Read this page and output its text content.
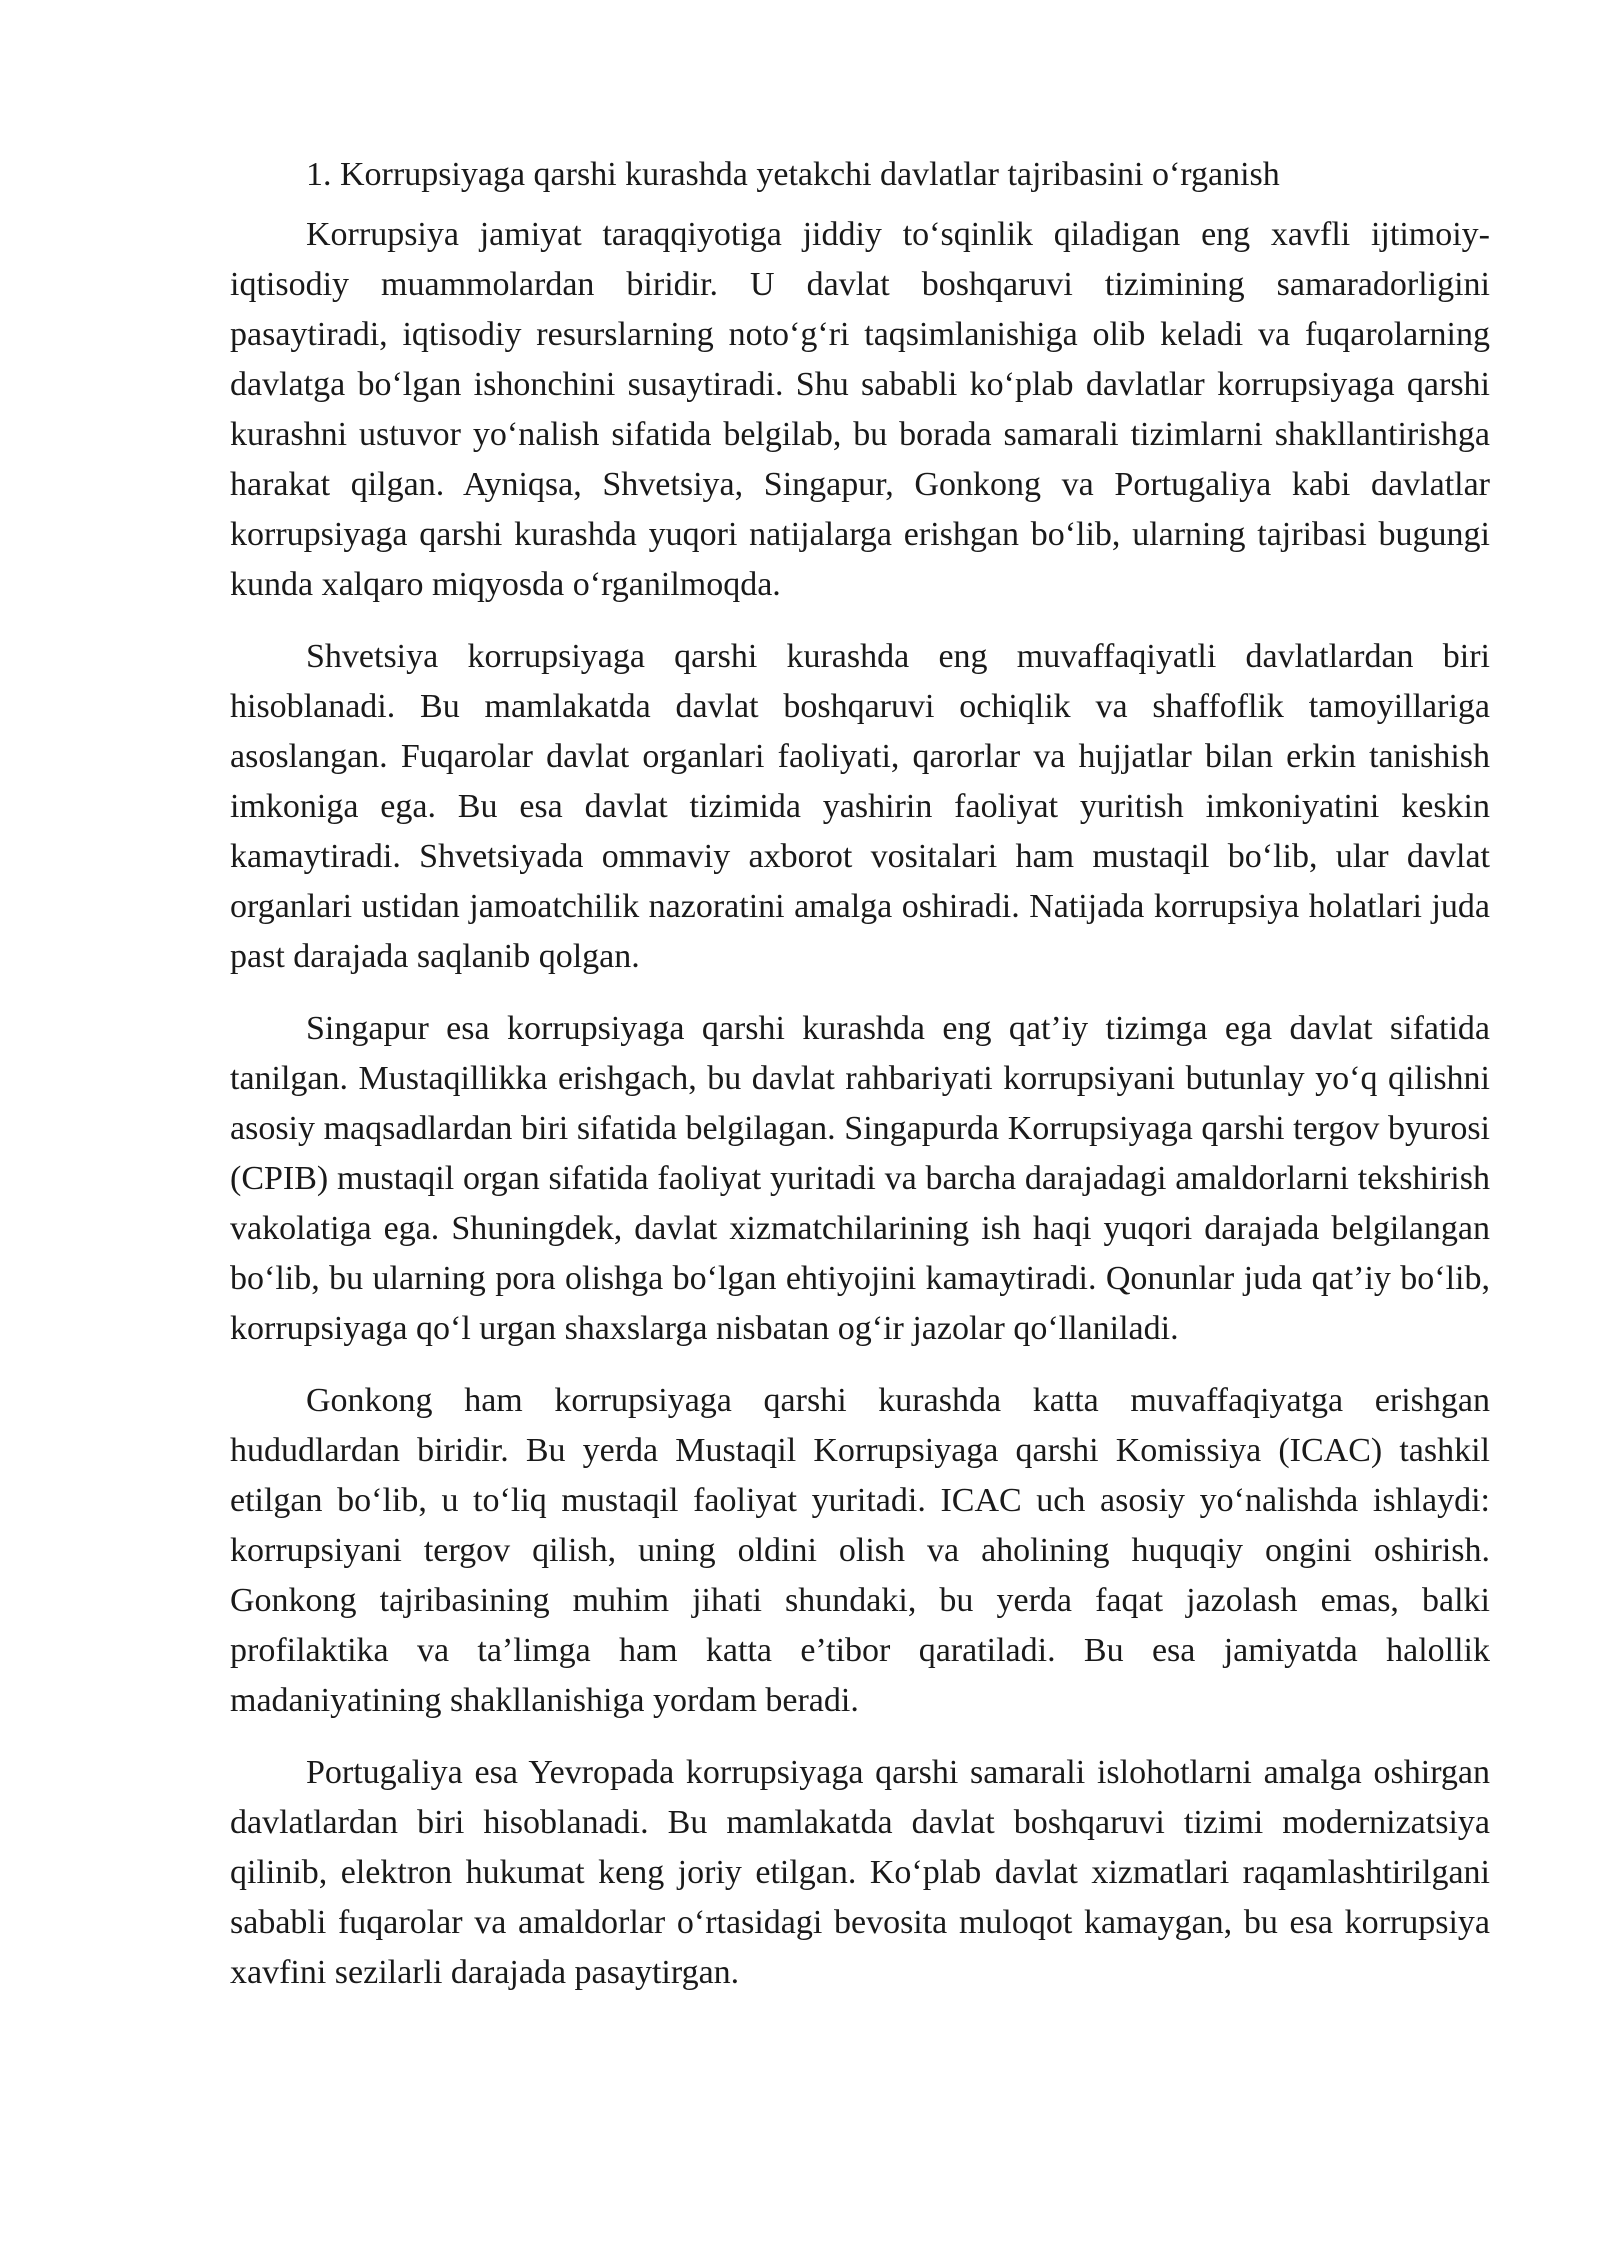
1. Korrupsiyaga qarshi kurashda yetakchi davlatlar tajribasini o‘rganish

Korrupsiya jamiyat taraqqiyotiga jiddiy to‘sqinlik qiladigan eng xavfli ijtimoiy-iqtisodiy muammolardan biridir. U davlat boshqaruvi tizimining samaradorligini pasaytiradi, iqtisodiy resurslarning noto‘g‘ri taqsimlanishiga olib keladi va fuqarolarning davlatga bo‘lgan ishonchini susaytiradi. Shu sababli ko‘plab davlatlar korrupsiyaga qarshi kurashni ustuvor yo‘nalish sifatida belgilab, bu borada samarali tizimlarni shakllantirishga harakat qilgan. Ayniqsa, Shvetsiya, Singapur, Gonkong va Portugaliya kabi davlatlar korrupsiyaga qarshi kurashda yuqori natijalarga erishgan bo‘lib, ularning tajribasi bugungi kunda xalqaro miqyosda o‘rganilmoqda.

Shvetsiya korrupsiyaga qarshi kurashda eng muvaffaqiyatli davlatlardan biri hisoblanadi. Bu mamlakatda davlat boshqaruvi ochiqlik va shaffoflik tamoyillariga asoslangan. Fuqarolar davlat organlari faoliyati, qarorlar va hujjatlar bilan erkin tanishish imkoniga ega. Bu esa davlat tizimida yashirin faoliyat yuritish imkoniyatini keskin kamaytiradi. Shvetsiyada ommaviy axborot vositalari ham mustaqil bo‘lib, ular davlat organlari ustidan jamoatchilik nazoratini amalga oshiradi. Natijada korrupsiya holatlari juda past darajada saqlanib qolgan.

Singapur esa korrupsiyaga qarshi kurashda eng qat’iy tizimga ega davlat sifatida tanilgan. Mustaqillikka erishgach, bu davlat rahbariyati korrupsiyani butunlay yo‘q qilishni asosiy maqsadlardan biri sifatida belgilagan. Singapurda Korrupsiyaga qarshi tergov byurosi (CPIB) mustaqil organ sifatida faoliyat yuritadi va barcha darajadagi amaldorlarni tekshirish vakolatiga ega. Shuningdek, davlat xizmatchilarining ish haqi yuqori darajada belgilangan bo‘lib, bu ularning pora olishga bo‘lgan ehtiyojini kamaytiradi. Qonunlar juda qat’iy bo‘lib, korrupsiyaga qo‘l urgan shaxslarga nisbatan og‘ir jazolar qo‘llaniladi.

Gonkong ham korrupsiyaga qarshi kurashda katta muvaffaqiyatga erishgan hududlardan biridir. Bu yerda Mustaqil Korrupsiyaga qarshi Komissiya (ICAC) tashkil etilgan bo‘lib, u to‘liq mustaqil faoliyat yuritadi. ICAC uch asosiy yo‘nalishda ishlaydi: korrupsiyani tergov qilish, uning oldini olish va aholining huquqiy ongini oshirish. Gonkong tajribasining muhim jihati shundaki, bu yerda faqat jazolash emas, balki profilaktika va ta’limga ham katta e’tibor qaratiladi. Bu esa jamiyatda halollik madaniyatining shakllanishiga yordam beradi.

Portugaliya esa Yevropada korrupsiyaga qarshi samarali islohotlarni amalga oshirgan davlatlardan biri hisoblanadi. Bu mamlakatda davlat boshqaruvi tizimi modernizatsiya qilinib, elektron hukumat keng joriy etilgan. Ko‘plab davlat xizmatlari raqamlashtirilgani sababli fuqarolar va amaldorlar o‘rtasidagi bevosita muloqot kamaygan, bu esa korrupsiya xavfini sezilarli darajada pasaytirgan.
